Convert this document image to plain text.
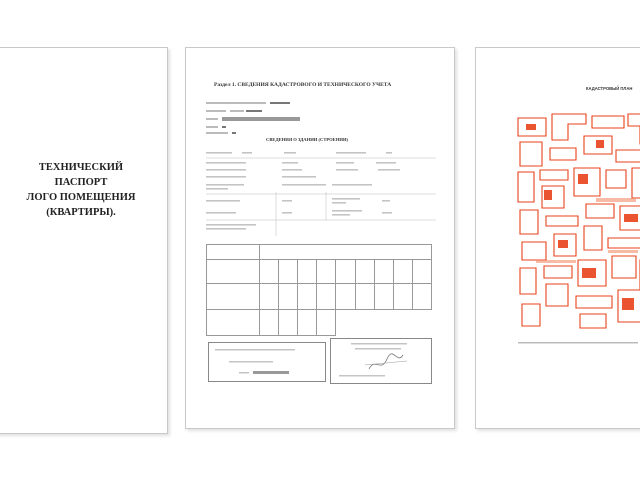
ТЕХНИЧЕСКИЙ
ПАСПОРТ
ЛОГО ПОМЕЩЕНИЯ
(КВАРТИРЫ).
Раздел 1. СВЕДЕНИЯ КАДАСТРОВОГО И ТЕХНИЧЕСКОГО УЧЕТА
СВЕДЕНИЯ О ЗДАНИИ (СТРОЕНИИ)

КАДАСТРОВЫЙ ПЛАН
